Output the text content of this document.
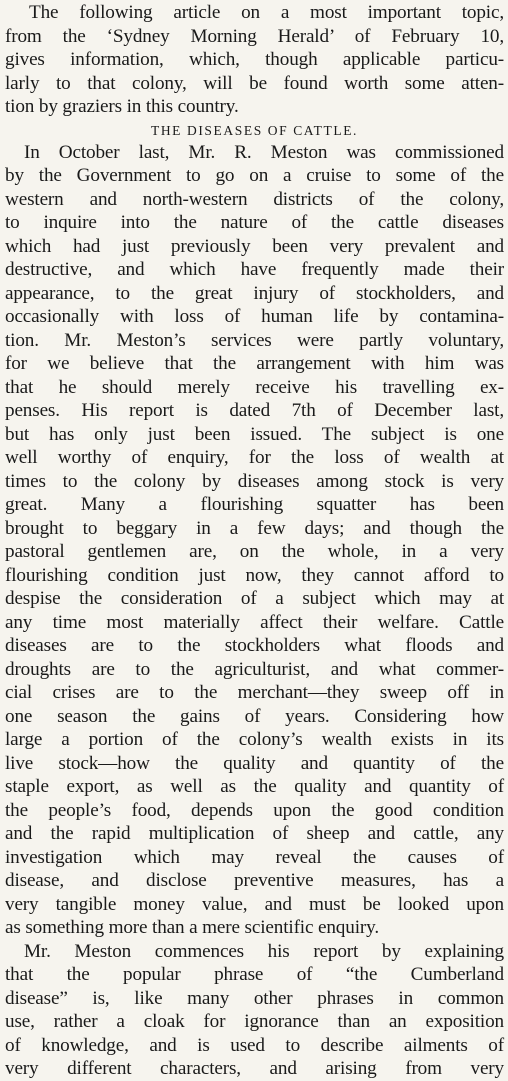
The following article on a most important topic,
from the ‘Sydney Morning Herald’ of February 10,
gives information, which, though applicable particu-
larly to that colony, will be found worth some atten-
tion by graziers in this country.
THE DISEASES OF CATTLE.
In October last, Mr. R. Meston was commissioned
by the Government to go on a cruise to some of the
western and north-western districts of the colony,
to inquire into the nature of the cattle diseases
which had just previously been very prevalent and
destructive, and which have frequently made their
appearance, to the great injury of stockholders, and
occasionally with loss of human life by contamina-
tion. Mr. Meston’s services were partly voluntary,
for we believe that the arrangement with him was
that he should merely receive his travelling ex-
penses. His report is dated 7th of December last,
but has only just been issued. The subject is one
well worthy of enquiry, for the loss of wealth at
times to the colony by diseases among stock is very
great. Many a flourishing squatter has been
brought to beggary in a few days; and though the
pastoral gentlemen are, on the whole, in a very
flourishing condition just now, they cannot afford to
despise the consideration of a subject which may at
any time most materially affect their welfare. Cattle
diseases are to the stockholders what floods and
droughts are to the agriculturist, and what commer-
cial crises are to the merchant—they sweep off in
one season the gains of years. Considering how
large a portion of the colony’s wealth exists in its
live stock—how the quality and quantity of the
staple export, as well as the quality and quantity of
the people’s food, depends upon the good condition
and the rapid multiplication of sheep and cattle, any
investigation which may reveal the causes of
disease, and disclose preventive measures, has a
very tangible money value, and must be looked upon
as something more than a mere scientific enquiry.
Mr. Meston commences his report by explaining
that the popular phrase of “the Cumberland
disease” is, like many other phrases in common
use, rather a cloak for ignorance than an exposition
of knowledge, and is used to describe ailments of
very different characters, and arising from very
